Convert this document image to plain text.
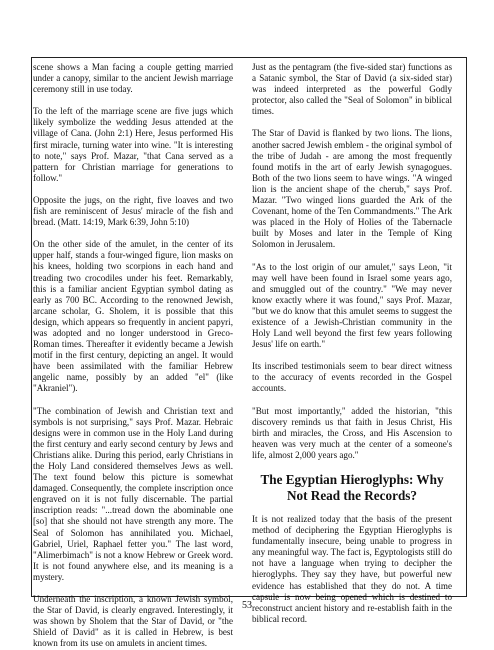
scene shows a Man facing a couple getting married under a canopy, similar to the ancient Jewish marriage ceremony still in use today.

To the left of the marriage scene are five jugs which likely symbolize the wedding Jesus attended at the village of Cana. (John 2:1) Here, Jesus performed His first miracle, turning water into wine. "It is interesting to note," says Prof. Mazar, "that Cana served as a pattern for Christian marriage for generations to follow."

Opposite the jugs, on the right, five loaves and two fish are reminiscent of Jesus' miracle of the fish and bread. (Matt. 14:19, Mark 6:39, John 5:10)

On the other side of the amulet, in the center of its upper half, stands a four-winged figure, lion masks on his knees, holding two scorpions in each hand and treading two crocodiles under his feet. Remarkably, this is a familiar ancient Egyptian symbol dating as early as 700 BC. According to the renowned Jewish, arcane scholar, G. Sholem, it is possible that this design, which appears so frequently in ancient papyri, was adopted and no longer understood in Greco-Roman times. Thereafter it evidently became a Jewish motif in the first century, depicting an angel. It would have been assimilated with the familiar Hebrew angelic name, possibly by an added "el" (like "Akraniel").

"The combination of Jewish and Christian text and symbols is not surprising," says Prof. Mazar. Hebraic designs were in common use in the Holy Land during the first century and early second century by Jews and Christians alike. During this period, early Christians in the Holy Land considered themselves Jews as well. The text found below this picture is somewhat damaged. Consequently, the complete inscription once engraved on it is not fully discernable. The partial inscription reads: "...tread down the abominable one [so] that she should not have strength any more. The Seal of Solomon has annihilated you. Michael, Gabriel, Uriel, Raphael fetter you." The last word, "Alimerbimach" is not a know Hebrew or Greek word. It is not found anywhere else, and its meaning is a mystery.

Underneath the inscription, a known Jewish symbol, the Star of David, is clearly engraved. Interestingly, it was shown by Sholem that the Star of David, or "the Shield of David" as it is called in Hebrew, is best known from its use on amulets in ancient times.

Just as the pentagram (the five-sided star) functions as a Satanic symbol, the Star of David (a six-sided star) was indeed interpreted as the powerful Godly protector, also called the "Seal of Solomon" in biblical times.

The Star of David is flanked by two lions. The lions, another sacred Jewish emblem - the original symbol of the tribe of Judah - are among the most frequently found motifs in the art of early Jewish synagogues. Both of the two lions seem to have wings. "A winged lion is the ancient shape of the cherub," says Prof. Mazar. "Two winged lions guarded the Ark of the Covenant, home of the Ten Commandments." The Ark was placed in the Holy of Holies of the Tabernacle built by Moses and later in the Temple of King Solomon in Jerusalem.

"As to the lost origin of our amulet," says Leon, "it may well have been found in Israel some years ago, and smuggled out of the country." "We may never know exactly where it was found," says Prof. Mazar, "but we do know that this amulet seems to suggest the existence of a Jewish-Christian community in the Holy Land well beyond the first few years following Jesus' life on earth."

Its inscribed testimonials seem to bear direct witness to the accuracy of events recorded in the Gospel accounts.

"But most importantly," added the historian, "this discovery reminds us that faith in Jesus Christ, His birth and miracles, the Cross, and His Ascension to heaven was very much at the center of a someone's life, almost 2,000 years ago."

The Egyptian Hieroglyphs: Why Not Read the Records?

It is not realized today that the basis of the present method of deciphering the Egyptian Hieroglyphs is fundamentally insecure, being unable to progress in any meaningful way. The fact is, Egyptologists still do not have a language when trying to decipher the hieroglyphs. They say they have, but powerful new evidence has established that they do not. A time capsule is now being opened which is destined to reconstruct ancient history and re-establish faith in the biblical record.

53
